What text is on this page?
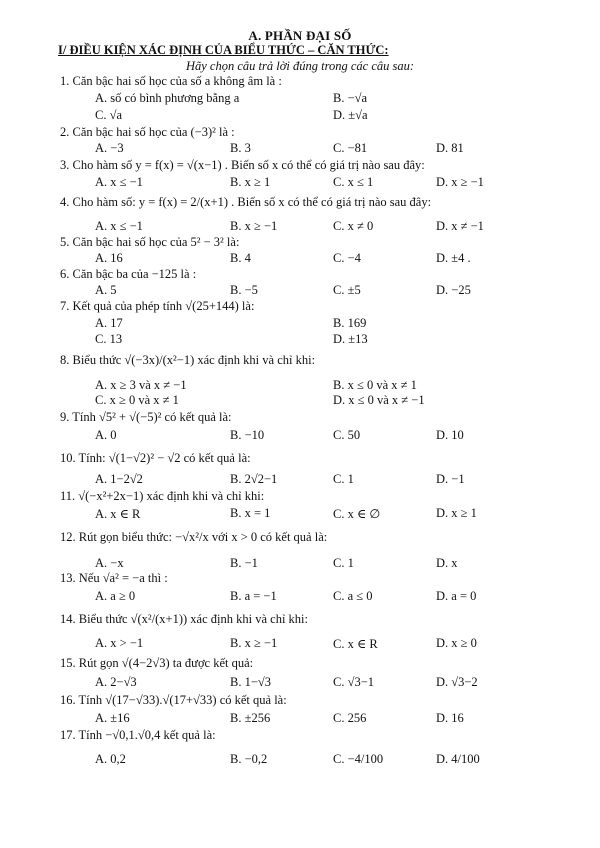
A. PHẦN ĐẠI SỐ
I/ ĐIỀU KIỆN XÁC ĐỊNH CỦA BIỂU THỨC – CĂN THỨC:
Hãy chọn câu trả lời đúng trong các câu sau:
1. Căn bậc hai số học của số a không âm là :
A. số có bình phương bằng a	B. −√a
C. √a	D. ±√a
2. Căn bậc hai số học của (−3)² là :
A. −3	B. 3	C. −81	D. 81
3. Cho hàm số y = f(x) = √(x−1) . Biến số x có thể có giá trị nào sau đây:
A. x ≤ −1	B. x ≥ 1	C. x ≤ 1	D. x ≥ −1
4. Cho hàm số: y = f(x) = 2/(x+1) . Biến số x có thể có giá trị nào sau đây:
A. x ≤ −1	B. x ≥ −1	C. x ≠ 0	D. x ≠ −1
5. Căn bậc hai số học của 5² − 3² là:
A. 16	B. 4	C. −4	D. ±4 .
6. Căn bậc ba của −125 là :
A. 5	B. −5	C. ±5	D. −25
7. Kết quả của phép tính √(25+144) là:
A. 17	B. 169
C. 13	D. ±13
8. Biểu thức √(−3x)/(x²−1) xác định khi và chỉ khi:
A. x ≥ 3 và x ≠ −1	B. x ≤ 0 và x ≠ 1
C. x ≥ 0 và x ≠ 1	D. x ≤ 0 và x ≠ −1
9. Tính √5² + √(−5)² có kết quả là:
A. 0	B. −10	C. 50	D. 10
10. Tính: √(1−√2)² − √2 có kết quả là:
A. 1−2√2	B. 2√2−1	C. 1	D. −1
11. √(−x²+2x−1) xác định khi và chỉ khi:
A. x ∈ R	B. x = 1	C. x ∈ ∅	D. x ≥ 1
12. Rút gọn biểu thức: −√x²/x với x > 0 có kết quả là:
A. −x	B. −1	C. 1	D. x
13. Nếu √a² = −a thì :
A. a ≥ 0	B. a = −1	C. a ≤ 0	D. a = 0
14. Biểu thức √(x²/(x+1)) xác định khi và chỉ khi:
A. x > −1	B. x ≥ −1	C. x ∈ R	D. x ≥ 0
15. Rút gọn √(4−2√3) ta được kết quả:
A. 2−√3	B. 1−√3	C. √3−1	D. √3−2
16. Tính √(17−√33).√(17+√33) có kết quả là:
A. ±16	B. ±256	C. 256	D. 16
17. Tính −√0,1.√0,4 kết quả là:
A. 0,2	B. −0,2	C. −4/100	D. 4/100
